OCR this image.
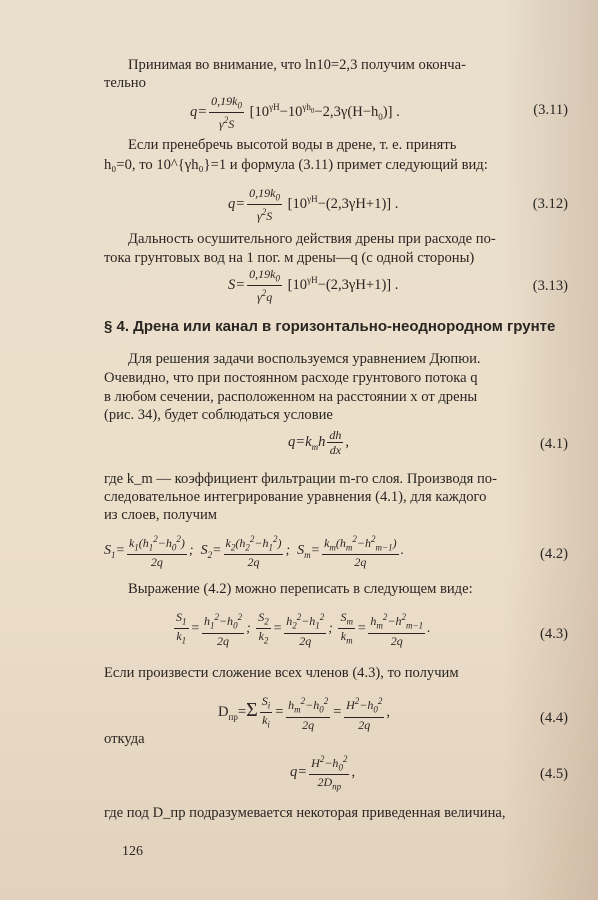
Принимая во внимание, что ln10=2,3 получим оконча-
тельно
$q= \frac{0,19k_0}{\gamma^2S} [10^{\gamma H}-10^{\gamma h_0}-2,3\gamma(H-h_0)]$ .	(3.11)
Если пренебречь высотой воды в дрене, т. е. принять
h₀=0, то 10^{γh₀}=1 и формула (3.11) примет следующий вид:
$q= \frac{0,19k_0}{\gamma^2S} [10^{\gamma H}-(2,3\gamma H+1)]$ .	(3.12)
Дальность осушительного действия дрены при расходе по-
тока грунтовых вод на 1 пог. м дрены—q (с одной стороны)
$S= \frac{0,19k_0}{\gamma^2q} [10^{\gamma H}-(2,3\gamma H+1)]$ .	(3.13)
§ 4. Дрена или канал в горизонтально-неоднородном грунте
Для решения задачи воспользуемся уравнением Дюпюи.
Очевидно, что при постоянном расходе грунтового потока q
в любом сечении, расположенном на расстоянии x от дрены
(рис. 34), будет соблюдаться условие
$q=k_mh \frac{dh}{dx}$ ,	(4.1)
где k_m — коэффициент фильтрации m-го слоя. Производя по-
следовательное интегрирование уравнения (4.1), для каждого
из слоев, получим
$S_1= \frac{k_1(h_1^2-h_0^2)}{2q}$ ;  $S_2= \frac{k_2(h_2^2-h_1^2)}{2q}$ ;  $S_m= \frac{k_m(h_m^2-h^2_{m-1})}{2q}$ .	(4.2)
Выражение (4.2) можно переписать в следующем виде:
$\frac{S_1}{k_1} = \frac{h_1^2-h_0^2}{2q}$ ; $\frac{S_2}{k_2} = \frac{h_2^2-h_1^2}{2q}$ ; $\frac{S_m}{k_m} = \frac{h_m^2-h^2_{m-1}}{2q}$ .	(4.3)
Если произвести сложение всех членов (4.3), то получим
$D_{пр}=\Sigma \frac{S_i}{k_i} = \frac{h_m^2-h_0^2}{2q} = \frac{H^2-h_0^2}{2q}$ ,	(4.4)
откуда
$q= \frac{H^2-h_0^2}{2D_{пр}}$ ,	(4.5)
где под D_пр подразумевается некоторая приведенная величина,
126
